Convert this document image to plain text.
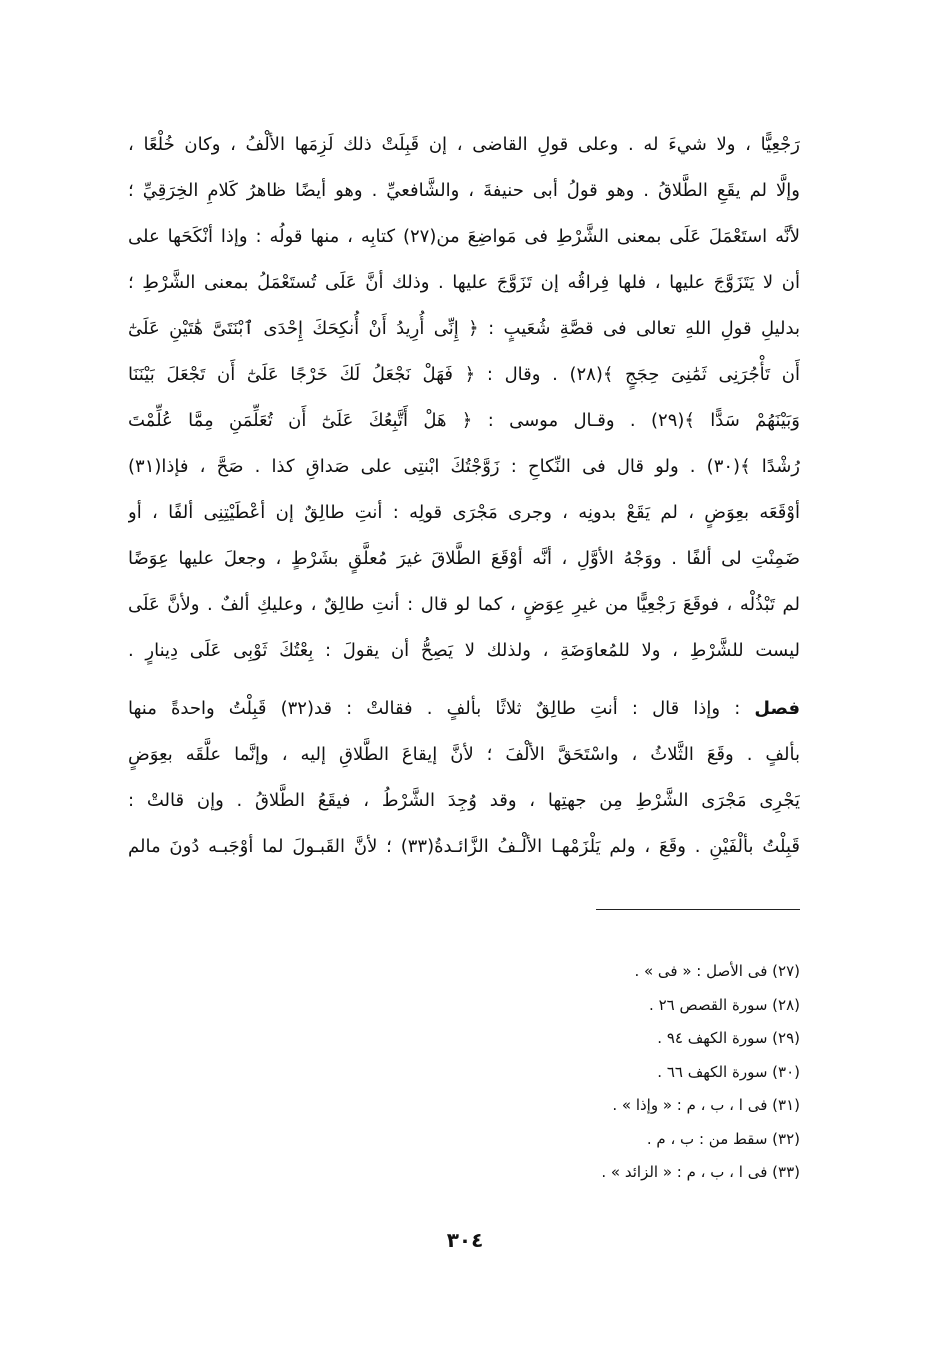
رَجْعِيًّا ، ولا شيءَ له . وعلى قولِ القاضى ، إن قَبِلَتْ ذلك لَزِمَها الألْفُ ، وكان خُلْعًا ،
وإلَّا لم يقَعِ الطَّلاقُ . وهو قولُ أبى حنيفةَ ، والشَّافعيِّ . وهو أيضًا ظاهرُ كَلامِ الخِرَقِيِّ ؛
لأنَّه استَعْمَلَ عَلَى بمعنى الشَّرْطِ فى مَواضِعَ من(٢٧) كتابِه ، منها قولُه : وإذا أنْكَحَها على
أن لا يَتَزَوَّجَ عليها ، فلها فِراقُه إن تَزَوَّجَ عليها . وذلك أنَّ عَلَى تُستَعْمَلُ بمعنى الشَّرْطِ ؛
بدليلِ قولِ اللهِ تعالى فى قصَّةِ شُعَيبٍ : ﴿ إِنِّى أُرِيدُ أَنْ أُنكِحَكَ إِحْدَى ٱبْنَتَىَّ هَٰتَيْنِ عَلَىٰٓ
أَن تَأْجُرَنِى ثَمَٰنِىَ حِجَجٍ ﴾(٢٨) . وقال : ﴿ فَهَلْ نَجْعَلُ لَكَ خَرْجًا عَلَىٰٓ أَن تَجْعَلَ بَيْنَنَا
وَبَيْنَهُمْ سَدًّا ﴾(٢٩) . وقـال موسى : ﴿ هَلْ أَتَّبِعُكَ عَلَىٰٓ أَن تُعَلِّمَنِ مِمَّا عُلِّمْتَ
رُشْدًا ﴾(٣٠) . ولو قال فى النِّكاحِ : زَوَّجْتُكَ ابْنتِى على صَداقِ كذا . صَحَّ ، فإذا(٣١)
أوْقَعَه بعِوَضٍ ، لم يَقَعْ بدونِه ، وجرى مَجْرَى قولِه : أنتِ طالِقٌ إن أعْطَيْتِنِى ألفًا ، أو
ضَمِنْتِ لى ألفًا . ووَجْهُ الأوَّلِ ، أنَّه أوْقَعَ الطَّلاقَ غيرَ مُعلَّقٍ بشَرْطٍ ، وجعلَ عليها عِوَضًا
لم تَبْذُلْه ، فوقَعَ رَجْعِيًّا من غيرِ عِوَضٍ ، كما لو قال : أنتِ طالِقٌ ، وعليكِ ألفٌ . ولأنَّ عَلَى
ليست للشَّرْطِ ، ولا للمُعاوَضَةِ ، ولذلك لا يَصِحُّ أن يقولَ : بِعْتُكَ ثَوْبِى عَلَى دِينارٍ .
فصل : وإذا قال : أنتِ طالِقٌ ثلاثًا بألفٍ . فقالتْ : قد(٣٢) قَبِلْتُ واحدةً منها
بألفٍ . وقَعَ الثَّلاثُ ، واسْتَحَقَّ الألْفَ ؛ لأنَّ إيقاعَ الطَّلاقِ إليه ، وإنَّما علَّقَه بعِوَضٍ
يَجْرِى مَجْرَى الشَّرْطِ مِن جهتِها ، وقد وُجِدَ الشَّرْطُ ، فيقَعُ الطَّلاقُ . وإن قالتْ :
قَبِلْتُ بألْفَيْنِ . وقَعَ ، ولم يَلْزَمْهـا الألْـفُ الزَّائـدةُ(٣٣) ؛ لأنَّ القَبـولَ لما أوْجَبـه دُونَ مالم
(٢٧) فى الأصل : « فى » .
(٢٨) سورة القصص ٢٦ .
(٢٩) سورة الكهف ٩٤ .
(٣٠) سورة الكهف ٦٦ .
(٣١) فى ا ، ب ، م : « وإذا » .
(٣٢) سقط من : ب ، م .
(٣٣) فى ا ، ب ، م : « الزائد » .
٣٠٤
